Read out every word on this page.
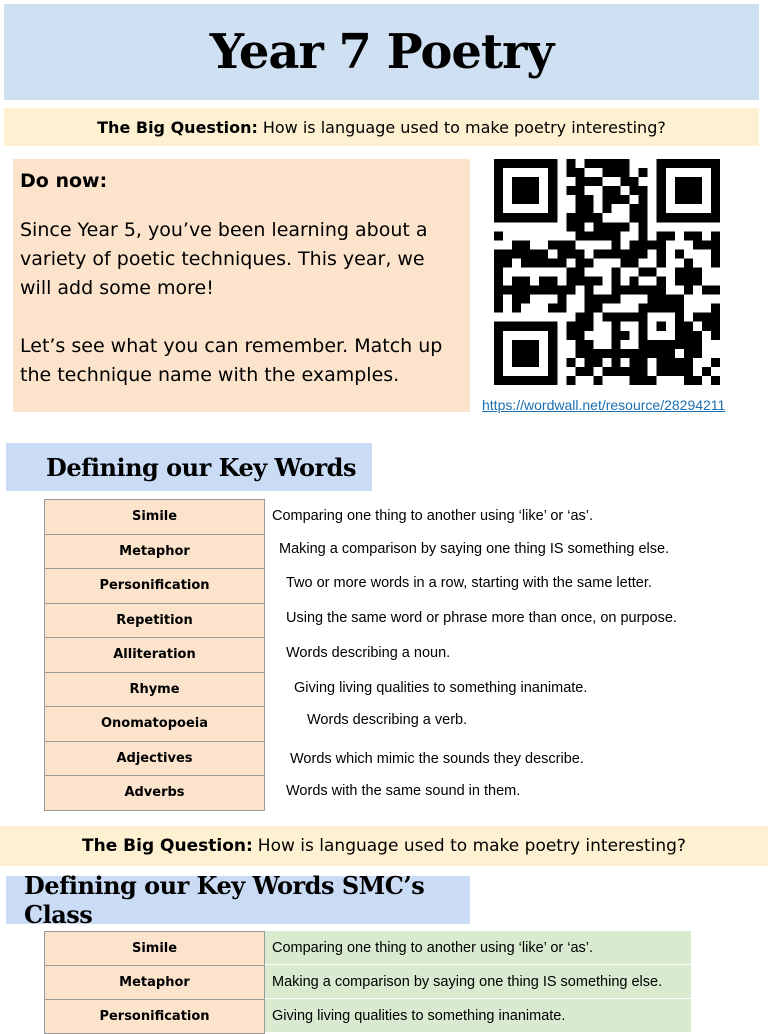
Year 7 Poetry
The Big Question: How is language used to make poetry interesting?
Do now:

Since Year 5, you’ve been learning about a variety of poetic techniques. This year, we will add some more!

Let’s see what you can remember. Match up the technique name with the examples.

https://wordwall.net/resource/28294211
Defining our Key Words
Simile
Metaphor
Personification
Repetition
Alliteration
Rhyme
Onomatopoeia
Adjectives
Adverbs
Comparing one thing to another using ‘like’ or ‘as’.
Making a comparison by saying one thing IS something else.
Two or more words in a row, starting with the same letter.
Using the same word or phrase more than once, on purpose.
Words describing a noun.
Giving living qualities to something inanimate.
Words describing a verb.
Words which mimic the sounds they describe.
Words with the same sound in them.
The Big Question: How is language used to make poetry interesting?
Defining our Key Words SMC’s Class
Simile
Metaphor
Personification
Comparing one thing to another using ‘like’ or ‘as’.
Making a comparison by saying one thing IS something else.
Giving living qualities to something inanimate.
